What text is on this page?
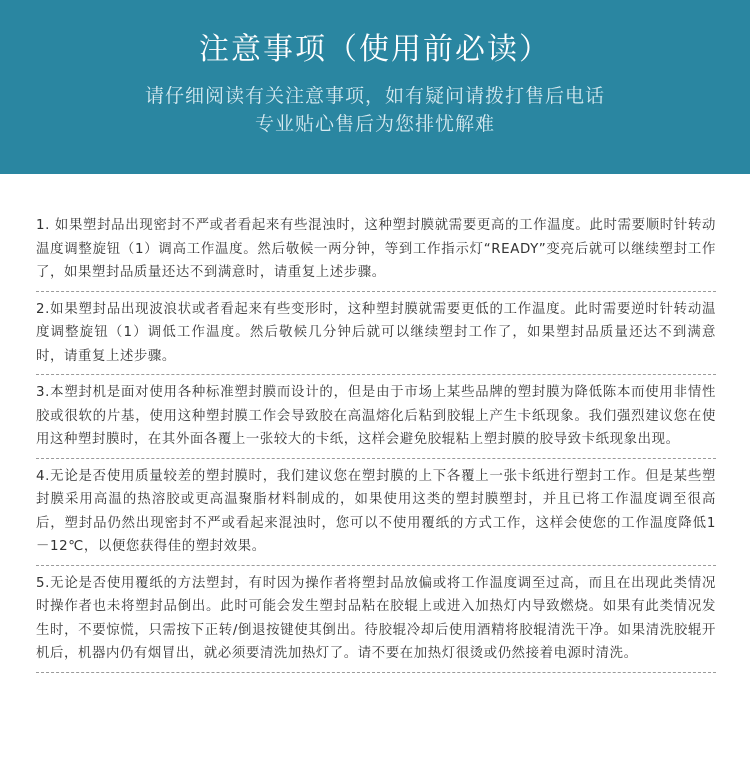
注意事项（使用前必读）
请仔细阅读有关注意事项，如有疑问请拨打售后电话
专业贴心售后为您排忧解难
1. 如果塑封品出现密封不严或者看起来有些混浊时，这种塑封膜就需要更高的工作温度。此时需要顺时针转动温度调整旋钮（1）调高工作温度。然后敬候一两分钟，等到工作指示灯“READY”变亮后就可以继续塑封工作了，如果塑封品质量还达不到满意时，请重复上述步骤。
2.如果塑封品出现波浪状或者看起来有些变形时，这种塑封膜就需要更低的工作温度。此时需要逆时针转动温度调整旋钮（1）调低工作温度。然后敬候几分钟后就可以继续塑封工作了，如果塑封品质量还达不到满意时，请重复上述步骤。
3.本塑封机是面对使用各种标准塑封膜而设计的，但是由于市场上某些品牌的塑封膜为降低陈本而使用非情性胶或很软的片基，使用这种塑封膜工作会导致胶在高温熔化后粘到胶辊上产生卡纸现象。我们强烈建议您在使用这种塑封膜时，在其外面各覆上一张较大的卡纸，这样会避免胶辊粘上塑封膜的胶导致卡纸现象出现。
4.无论是否使用质量较差的塑封膜时，我们建议您在塑封膜的上下各覆上一张卡纸进行塑封工作。但是某些塑封膜采用高温的热溶胶或更高温聚脂材料制成的，如果使用这类的塑封膜塑封，并且已将工作温度调至很高后，塑封品仍然出现密封不严或看起来混浊时，您可以不使用覆纸的方式工作，这样会使您的工作温度降低1－12℃，以便您获得佳的塑封效果。
5.无论是否使用覆纸的方法塑封，有时因为操作者将塑封品放偏或将工作温度调至过高，而且在出现此类情况时操作者也未将塑封品倒出。此时可能会发生塑封品粘在胶辊上或进入加热灯内导致燃烧。如果有此类情况发生时，不要惊慌，只需按下正转/倒退按键使其倒出。待胶辊冷却后使用酒精将胶辊清洗干净。如果清洗胶辊开机后，机器内仍有烟冒出，就必须要清洗加热灯了。请不要在加热灯很烫或仍然接着电源时清洗。
